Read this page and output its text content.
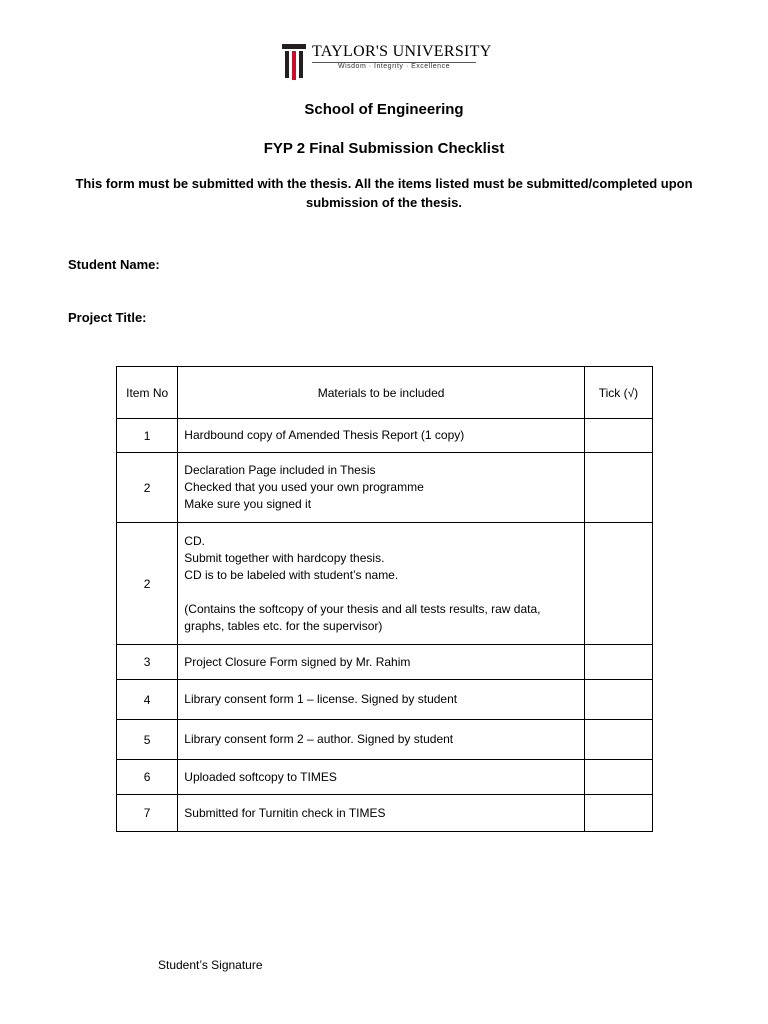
TAYLOR'S UNIVERSITY
Wisdom · Integrity · Excellence
School of Engineering
FYP 2 Final Submission Checklist
This form must be submitted with the thesis. All the items listed must be submitted/completed upon submission of the thesis.
Student Name:
Project Title:
Item No	Materials to be included	Tick (√)
1	Hardbound copy of Amended Thesis Report (1 copy)	

2	Declaration Page included in Thesis
Checked that you used your own programme
Make sure you signed it	

2	CD.
Submit together with hardcopy thesis.
CD is to be labeled with student’s name.
(Contains the softcopy of your thesis and all tests results, raw data,
graphs, tables etc. for the supervisor)	

3	Project Closure Form signed by Mr. Rahim	

4	Library consent form 1 – license. Signed by student	

5	Library consent form 2 – author. Signed by student	

6	Uploaded softcopy to TIMES	

7	Submitted for Turnitin check in TIMES	

Student’s Signature
